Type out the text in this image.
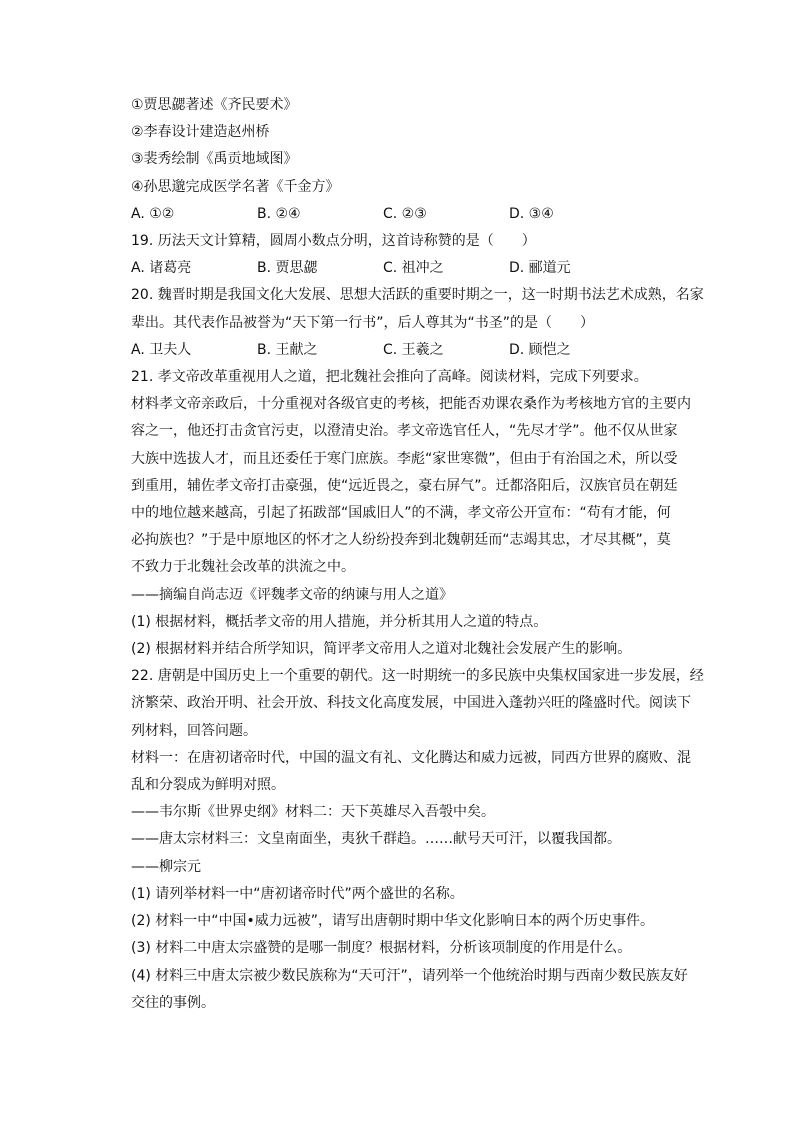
①贾思勰著述《齐民要术》

②李春设计建造赵州桥

③裴秀绘制《禹贡地域图》

④孙思邈完成医学名著《千金方》

A. ①②	B. ②④	C. ②③	D. ③④

19. 历法天文计算精，圆周小数点分明，这首诗称赞的是（　　）

A. 诸葛亮	B. 贾思勰	C. 祖冲之	D. 郦道元

20. 魏晋时期是我国文化大发展、思想大活跃的重要时期之一，这一时期书法艺术成熟，名家

辈出。其代表作品被誉为“天下第一行书”，后人尊其为“书圣”的是（　　）

A. 卫夫人	B. 王献之	C. 王羲之	D. 顾恺之

21. 孝文帝改革重视用人之道，把北魏社会推向了高峰。阅读材料，完成下列要求。

材料孝文帝亲政后，十分重视对各级官吏的考核，把能否劝课农桑作为考核地方官的主要内

容之一，他还打击贪官污吏，以澄清史治。孝文帝选官任人，“先尽才学”。他不仅从世家

大族中选拔人才，而且还委任于寒门庶族。李彪“家世寒微”，但由于有治国之术，所以受

到重用，辅佐孝文帝打击豪强，使“远近畏之，豪右屏气”。迁都洛阳后，汉族官员在朝廷

中的地位越来越高，引起了拓跋部“国戚旧人”的不满，孝文帝公开宣布：“苟有才能，何

必拘族也？”于是中原地区的怀才之人纷纷投奔到北魏朝廷而“志竭其忠，才尽其概”，莫

不致力于北魏社会改革的洪流之中。

——摘编自尚志迈《评魏孝文帝的纳谏与用人之道》

(1) 根据材料，概括孝文帝的用人措施，并分析其用人之道的特点。

(2) 根据材料并结合所学知识，简评孝文帝用人之道对北魏社会发展产生的影响。

22. 唐朝是中国历史上一个重要的朝代。这一时期统一的多民族中央集权国家进一步发展，经

济繁荣、政治开明、社会开放、科技文化高度发展，中国进入蓬勃兴旺的隆盛时代。阅读下

列材料，回答问题。

材料一：在唐初诸帝时代，中国的温文有礼、文化腾达和威力远被，同西方世界的腐败、混

乱和分裂成为鲜明对照。

——韦尔斯《世界史纲》材料二：天下英雄尽入吾彀中矣。

——唐太宗材料三：文皇南面坐，夷狄千群趋。……献号天可汗，以覆我国都。

——柳宗元

(1) 请列举材料一中“唐初诸帝时代”两个盛世的名称。

(2) 材料一中“中国•威力远被”，请写出唐朝时期中华文化影响日本的两个历史事件。

(3) 材料二中唐太宗盛赞的是哪一制度？根据材料，分析该项制度的作用是什么。

(4) 材料三中唐太宗被少数民族称为“天可汗”，请列举一个他统治时期与西南少数民族友好

交往的事例。
